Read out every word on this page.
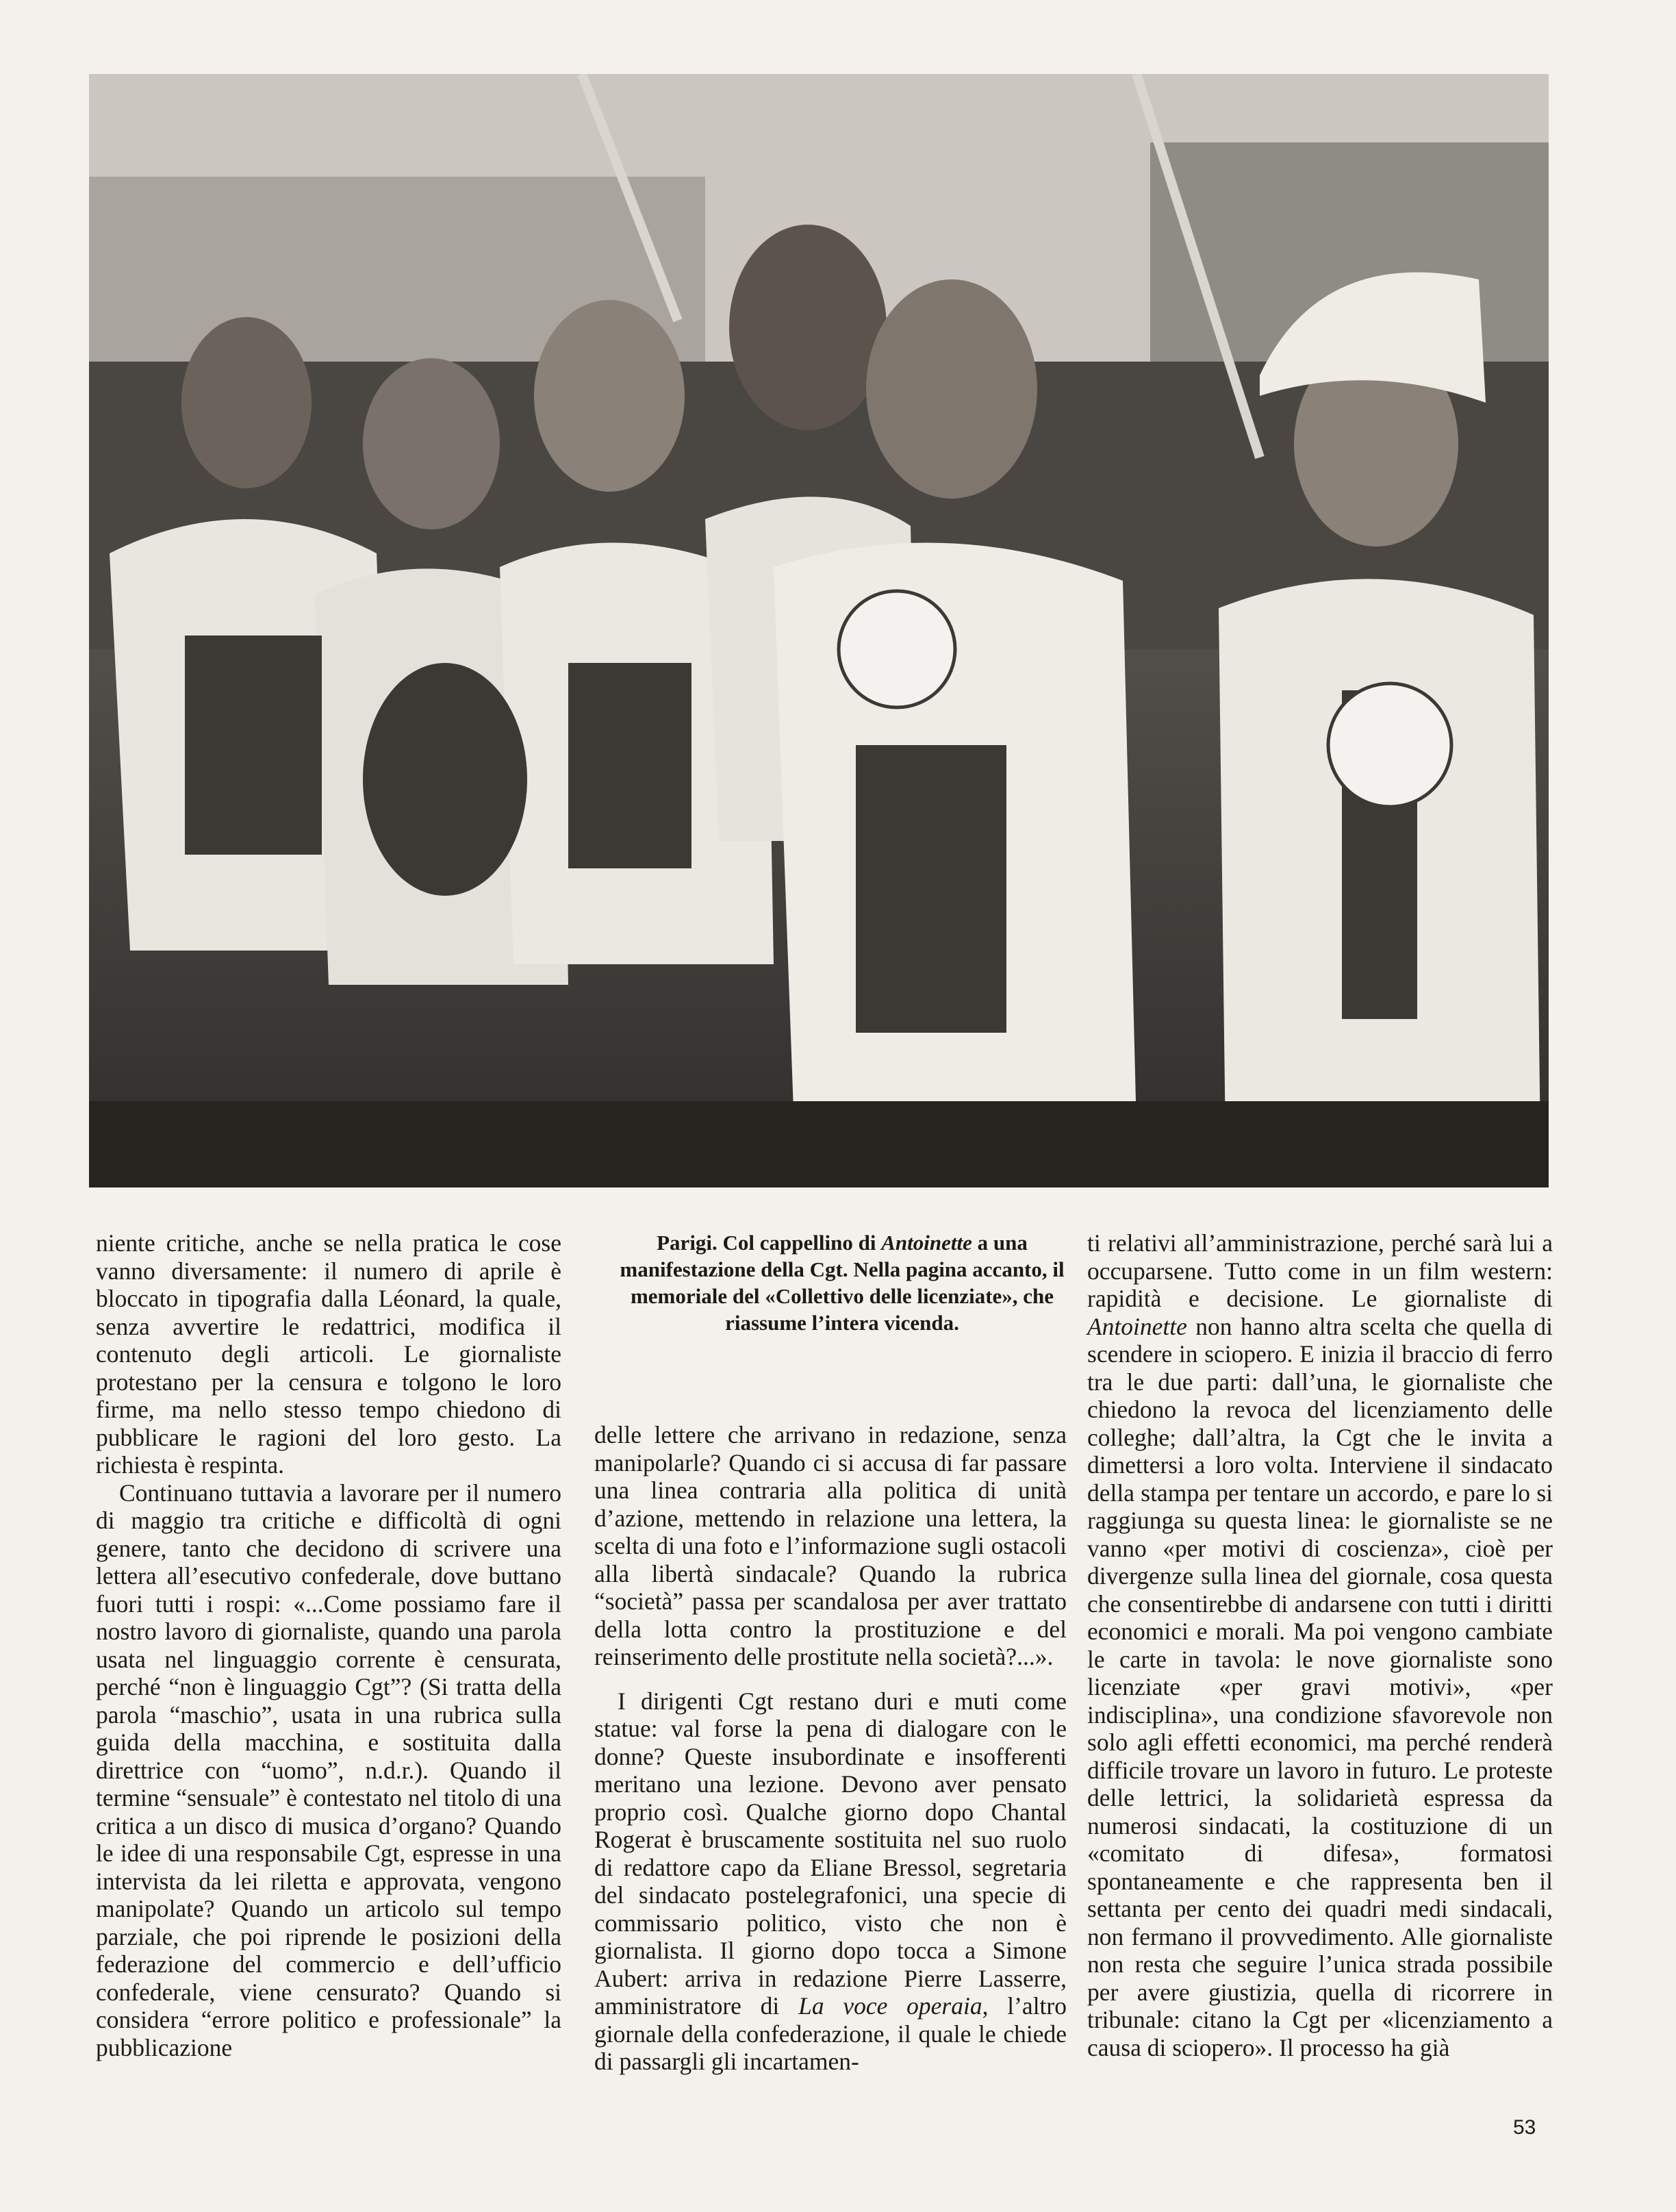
Parigi. Col cappellino di Antoinette a una manifestazione della Cgt. Nella pagina accanto, il memoriale del «Collettivo delle licenziate», che riassume l’intera vicenda.

niente critiche, anche se nella pratica le cose vanno diversamente: il numero di aprile è bloccato in tipografia dalla Léonard, la quale, senza avvertire le redattrici, modifica il contenuto degli articoli. Le giornaliste protestano per la censura e tolgono le loro firme, ma nello stesso tempo chiedono di pubblicare le ragioni del loro gesto. La richiesta è respinta.

Continuano tuttavia a lavorare per il numero di maggio tra critiche e difficoltà di ogni genere, tanto che decidono di scrivere una lettera all’esecutivo confederale, dove buttano fuori tutti i rospi: «...Come possiamo fare il nostro lavoro di giornaliste, quando una parola usata nel linguaggio corrente è censurata, perché “non è linguaggio Cgt”? (Si tratta della parola “maschio”, usata in una rubrica sulla guida della macchina, e sostituita dalla direttrice con “uomo”, n.d.r.). Quando il termine “sensuale” è contestato nel titolo di una critica a un disco di musica d’organo? Quando le idee di una responsabile Cgt, espresse in una intervista da lei riletta e approvata, vengono manipolate? Quando un articolo sul tempo parziale, che poi riprende le posizioni della federazione del commercio e dell’ufficio confederale, viene censurato? Quando si considera “errore politico e professionale” la pubblicazione

delle lettere che arrivano in redazione, senza manipolarle? Quando ci si accusa di far passare una linea contraria alla politica di unità d’azione, mettendo in relazione una lettera, la scelta di una foto e l’informazione sugli ostacoli alla libertà sindacale? Quando la rubrica “società” passa per scandalosa per aver trattato della lotta contro la prostituzione e del reinserimento delle prostitute nella società?...».

I dirigenti Cgt restano duri e muti come statue: val forse la pena di dialogare con le donne? Queste insubordinate e insofferenti meritano una lezione. Devono aver pensato proprio così. Qualche giorno dopo Chantal Rogerat è bruscamente sostituita nel suo ruolo di redattore capo da Eliane Bressol, segretaria del sindacato postelegrafonici, una specie di commissario politico, visto che non è giornalista. Il giorno dopo tocca a Simone Aubert: arriva in redazione Pierre Lasserre, amministratore di La voce operaia, l’altro giornale della confederazione, il quale le chiede di passargli gli incartamen-

ti relativi all’amministrazione, perché sarà lui a occuparsene. Tutto come in un film western: rapidità e decisione. Le giornaliste di Antoinette non hanno altra scelta che quella di scendere in sciopero. E inizia il braccio di ferro tra le due parti: dall’una, le giornaliste che chiedono la revoca del licenziamento delle colleghe; dall’altra, la Cgt che le invita a dimettersi a loro volta. Interviene il sindacato della stampa per tentare un accordo, e pare lo si raggiunga su questa linea: le giornaliste se ne vanno «per motivi di coscienza», cioè per divergenze sulla linea del giornale, cosa questa che consentirebbe di andarsene con tutti i diritti economici e morali. Ma poi vengono cambiate le carte in tavola: le nove giornaliste sono licenziate «per gravi motivi», «per indisciplina», una condizione sfavorevole non solo agli effetti economici, ma perché renderà difficile trovare un lavoro in futuro. Le proteste delle lettrici, la solidarietà espressa da numerosi sindacati, la costituzione di un «comitato di difesa», formatosi spontaneamente e che rappresenta ben il settanta per cento dei quadri medi sindacali, non fermano il provvedimento. Alle giornaliste non resta che seguire l’unica strada possibile per avere giustizia, quella di ricorrere in tribunale: citano la Cgt per «licenziamento a causa di sciopero». Il processo ha già

53
